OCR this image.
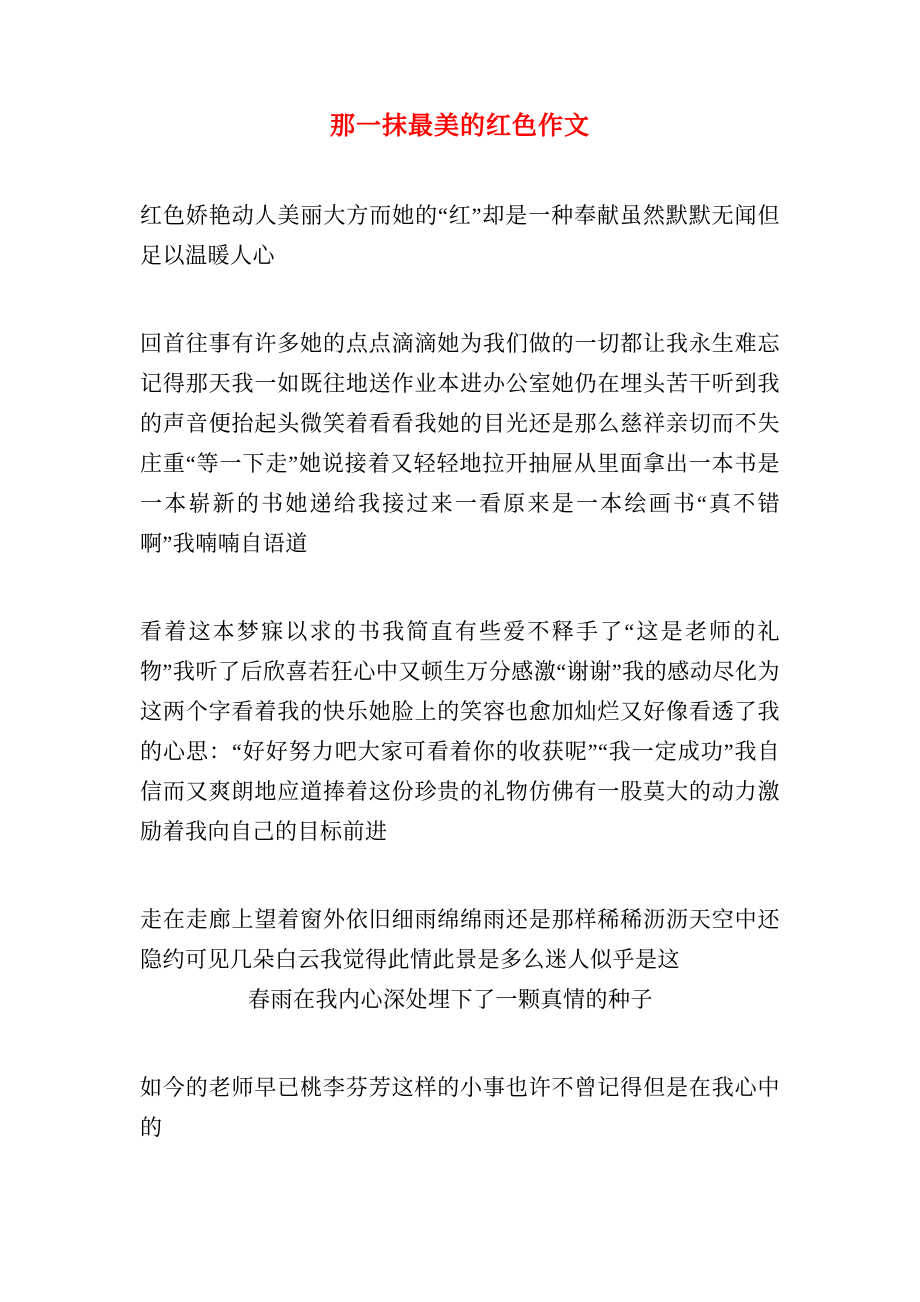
那一抹最美的红色作文

红色娇艳动人美丽大方而她的“红”却是一种奉献虽然默默无闻但足以温暖人心

回首往事有许多她的点点滴滴她为我们做的一切都让我永生难忘记得那天我一如既往地送作业本进办公室她仍在埋头苦干听到我的声音便抬起头微笑着看看我她的目光还是那么慈祥亲切而不失庄重“等一下走”她说接着又轻轻地拉开抽屉从里面拿出一本书是一本崭新的书她递给我接过来一看原来是一本绘画书“真不错啊”我喃喃自语道

看着这本梦寐以求的书我简直有些爱不释手了“这是老师的礼物”我听了后欣喜若狂心中又顿生万分感激“谢谢”我的感动尽化为这两个字看着我的快乐她脸上的笑容也愈加灿烂又好像看透了我的心思：“好好努力吧大家可看着你的收获呢”“我一定成功”我自信而又爽朗地应道捧着这份珍贵的礼物仿佛有一股莫大的动力激励着我向自己的目标前进

走在走廊上望着窗外依旧细雨绵绵雨还是那样稀稀沥沥天空中还隐约可见几朵白云我觉得此情此景是多么迷人似乎是这

春雨在我内心深处埋下了一颗真情的种子

如今的老师早已桃李芬芳这样的小事也许不曾记得但是在我心中的
